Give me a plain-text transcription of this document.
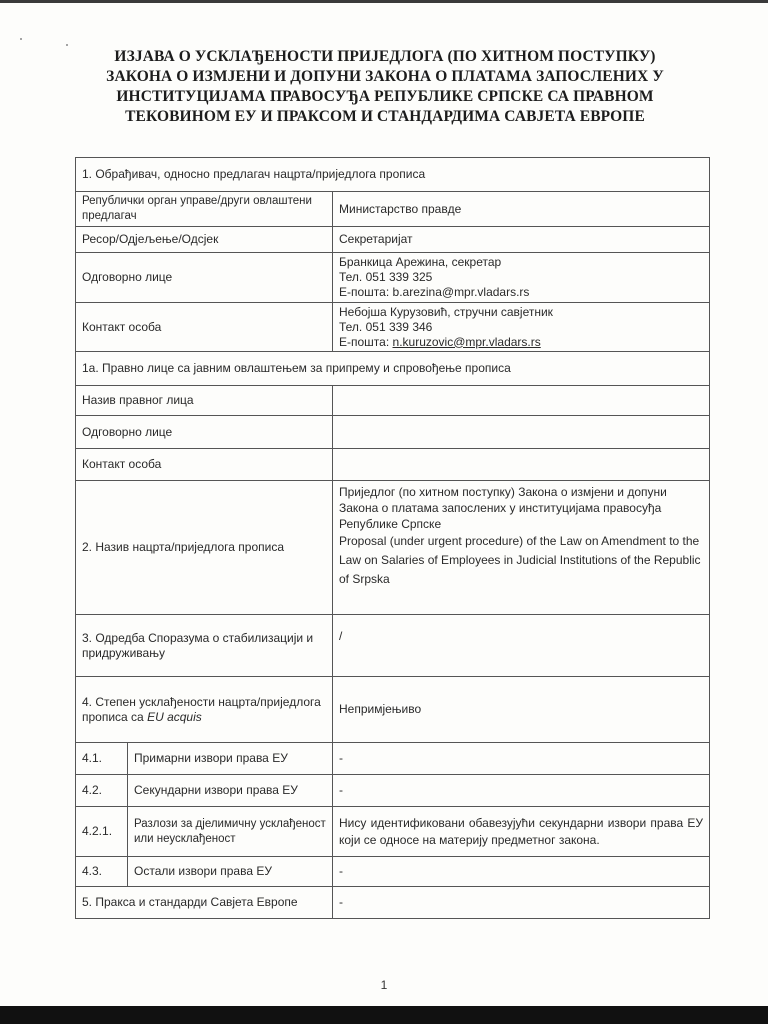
ИЗЈАВА О УСКЛАЂЕНОСТИ ПРИЈЕДЛОГА (ПО ХИТНОМ ПОСТУПКУ)
ЗАКОНА О ИЗМЈЕНИ И ДОПУНИ ЗАКОНА О ПЛАТАМА ЗАПОСЛЕНИХ У
ИНСТИТУЦИЈАМА ПРАВОСУЂА РЕПУБЛИКЕ СРПСКЕ СА ПРАВНОМ
ТЕКОВИНОМ ЕУ И ПРАКСОМ И СТАНДАРДИМА САВЈЕТА ЕВРОПЕ
1. Обрађивач, односно предлагач нацрта/приједлога прописа		
Републички орган управе/други овлаштени предлагач		Министарство правде
Ресор/Одјељење/Одсјек		Секретаријат
Одговорно лице		Бранкица Арежина, секретар
Тел. 051 339 325
Е-пошта: b.arezina@mpr.vladars.rs

Контакт особа		Небојша Курузовић, стручни савјетник
Тел. 051 339 346
Е-пошта: n.kuruzovic@mpr.vladars.rs

1а. Правно лице са јавним овлаштењем за припрему и спровођење прописа		
Назив правног лица		
Одговорно лице		
Контакт особа		
2. Назив нацрта/приједлога прописа		Приједлог (по хитном поступку) Закона о измјени и допуни Закона о платама запослених у институцијама правосуђа Републике Српске
Proposal (under urgent procedure) of the Law on Amendment to the Law on Salaries of Employees in Judicial Institutions of the Republic of Srpska

3. Одредба Споразума о стабилизацији и придруживању		/
4. Степен усклађености нацрта/приједлога прописа са EU acquis		Непримјењиво
4.1.	Примарни извори права ЕУ	-
4.2.	Секундарни извори права ЕУ	-
4.2.1.	Разлози за дјелимичну усклађеност или неусклађеност	Нису идентификовани обавезујући секундарни извори права ЕУ који се односе на материју предметног закона.
4.3.	Остали извори права ЕУ	-
5. Пракса и стандарди Савјета Европе		-
1
